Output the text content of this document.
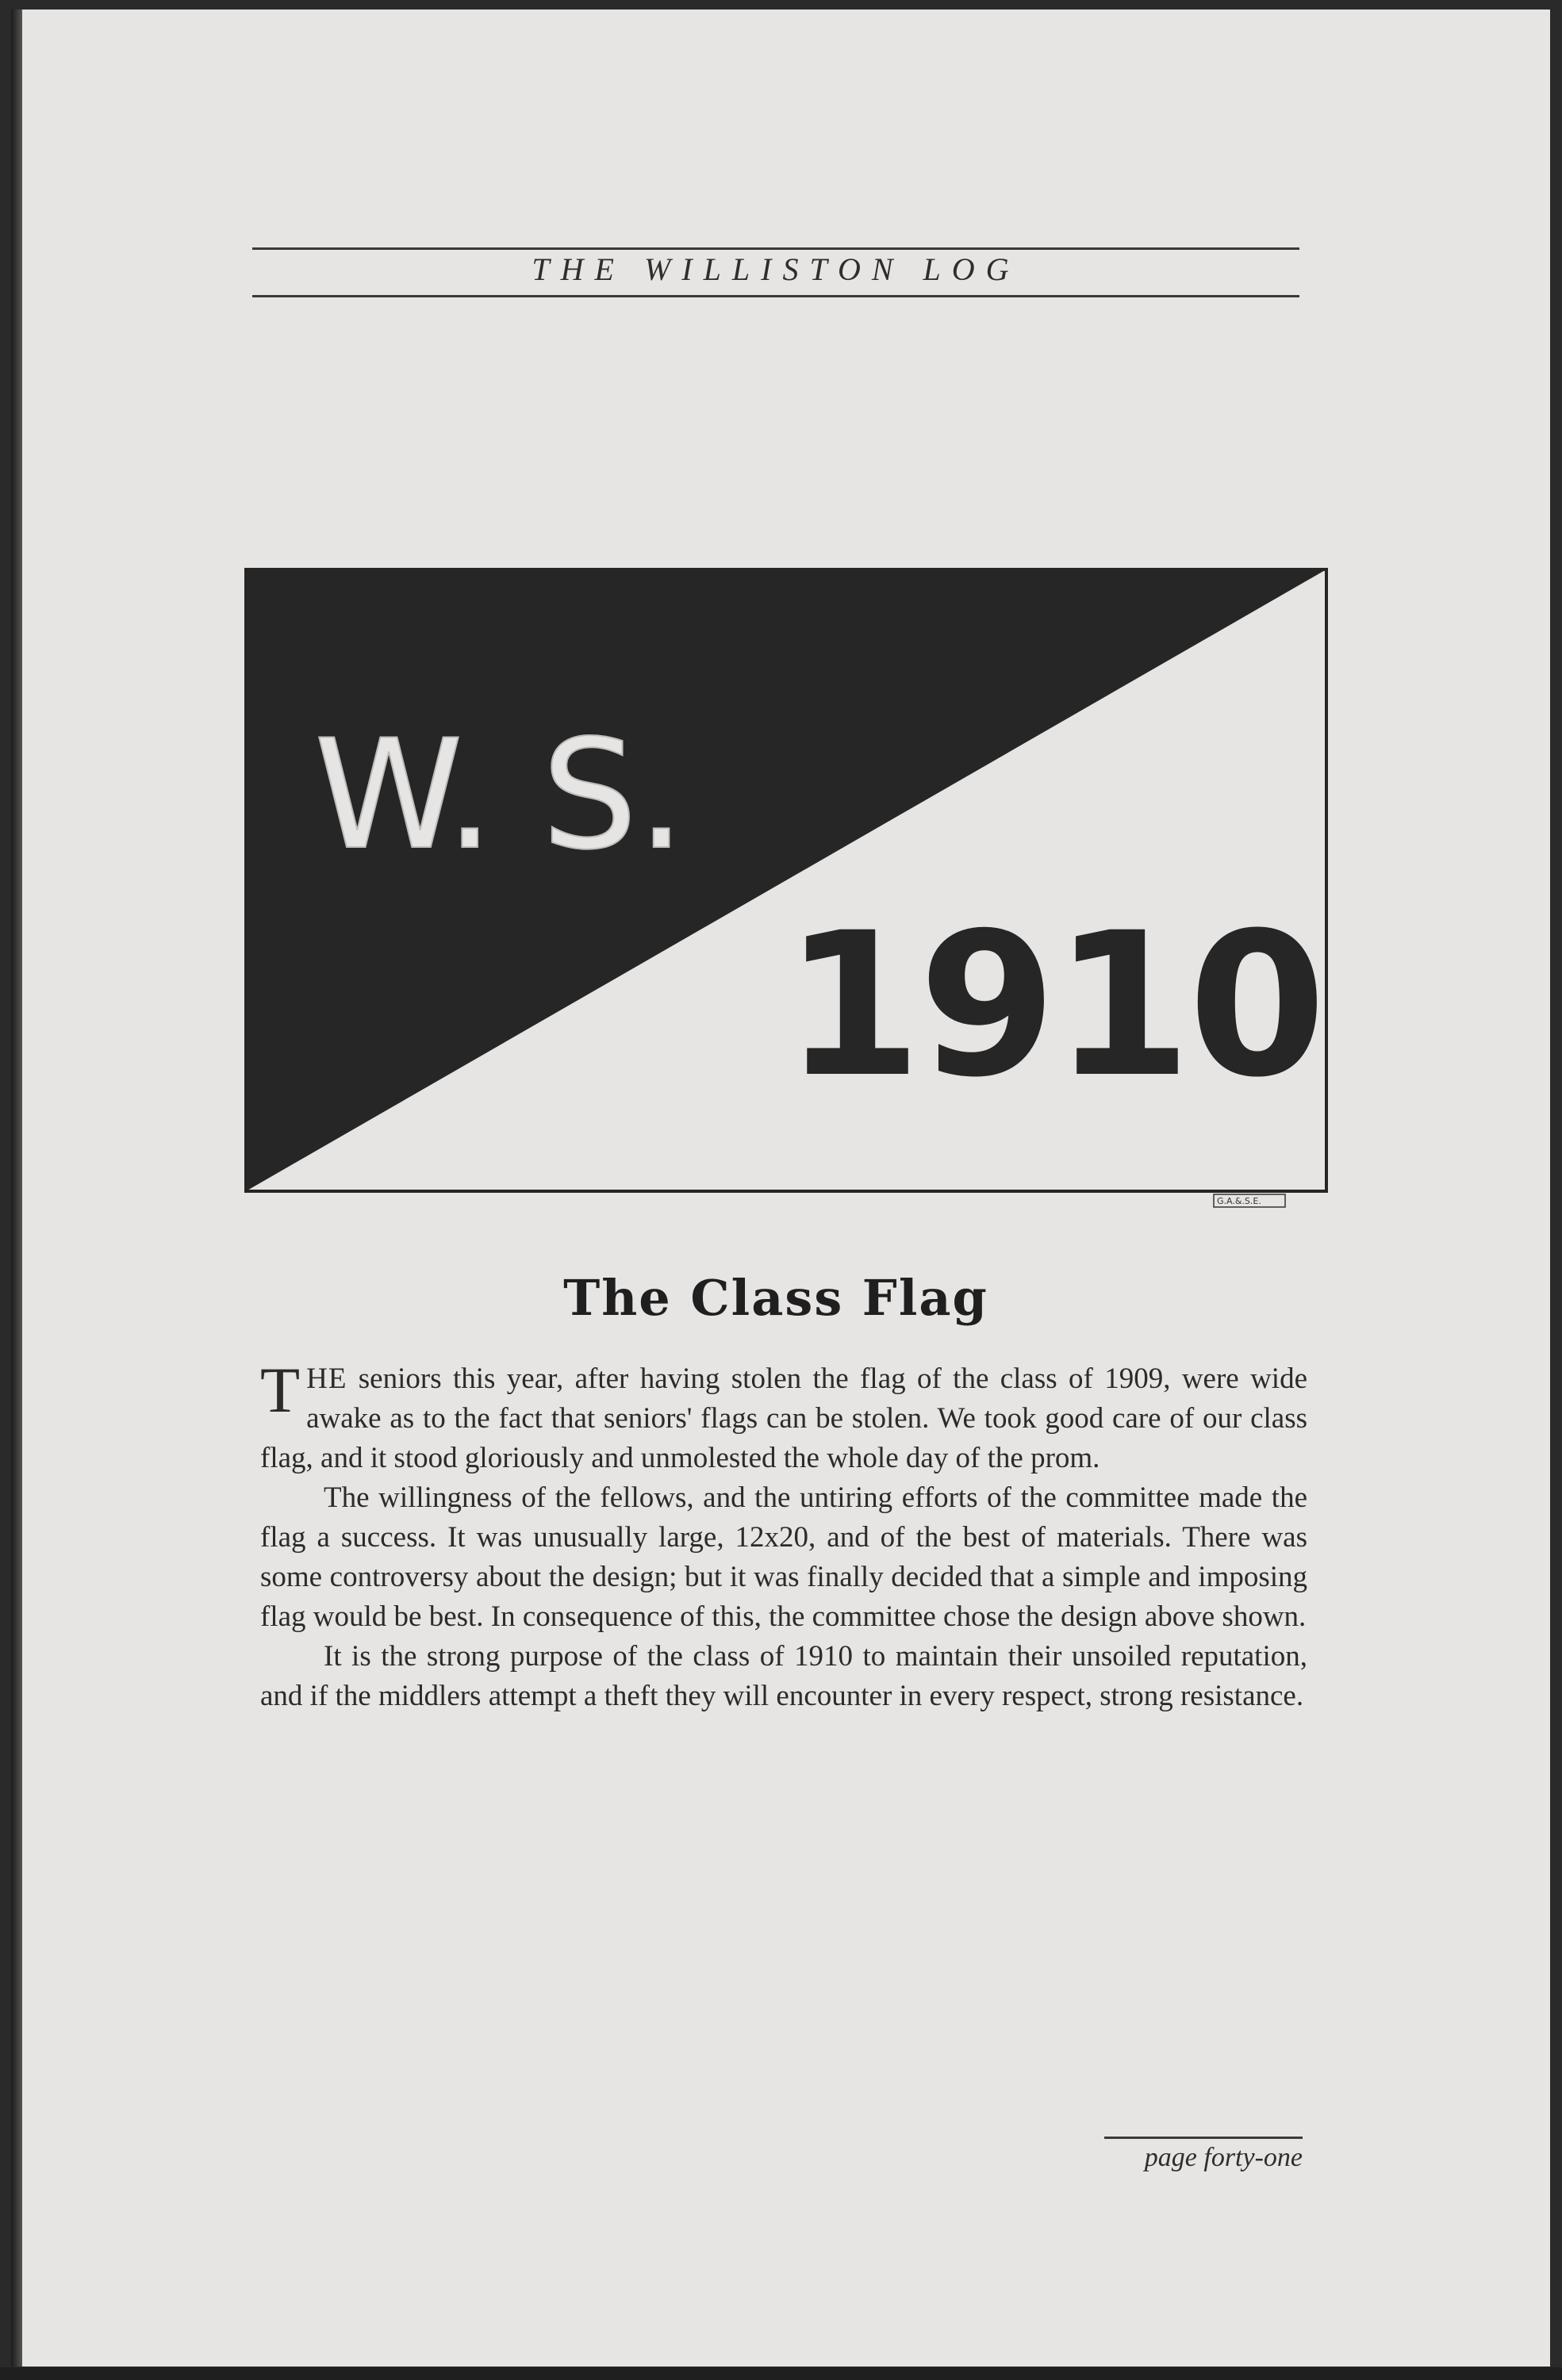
THE WILLISTON LOG
W. S.
1910
G.A.&.S.E.
The Class Flag

THE seniors this year, after having stolen the flag of the class of 1909, were wide awake as to the fact that seniors' flags can be stolen. We took good care of our class flag, and it stood gloriously and unmolested the whole day of the prom.

The willingness of the fellows, and the untiring efforts of the committee made the flag a success. It was unusually large, 12x20, and of the best of materials. There was some controversy about the design; but it was finally decided that a simple and imposing flag would be best. In consequence of this, the committee chose the design above shown.

It is the strong purpose of the class of 1910 to maintain their unsoiled reputation, and if the middlers attempt a theft they will encounter in every respect, strong resistance.

page forty-one
